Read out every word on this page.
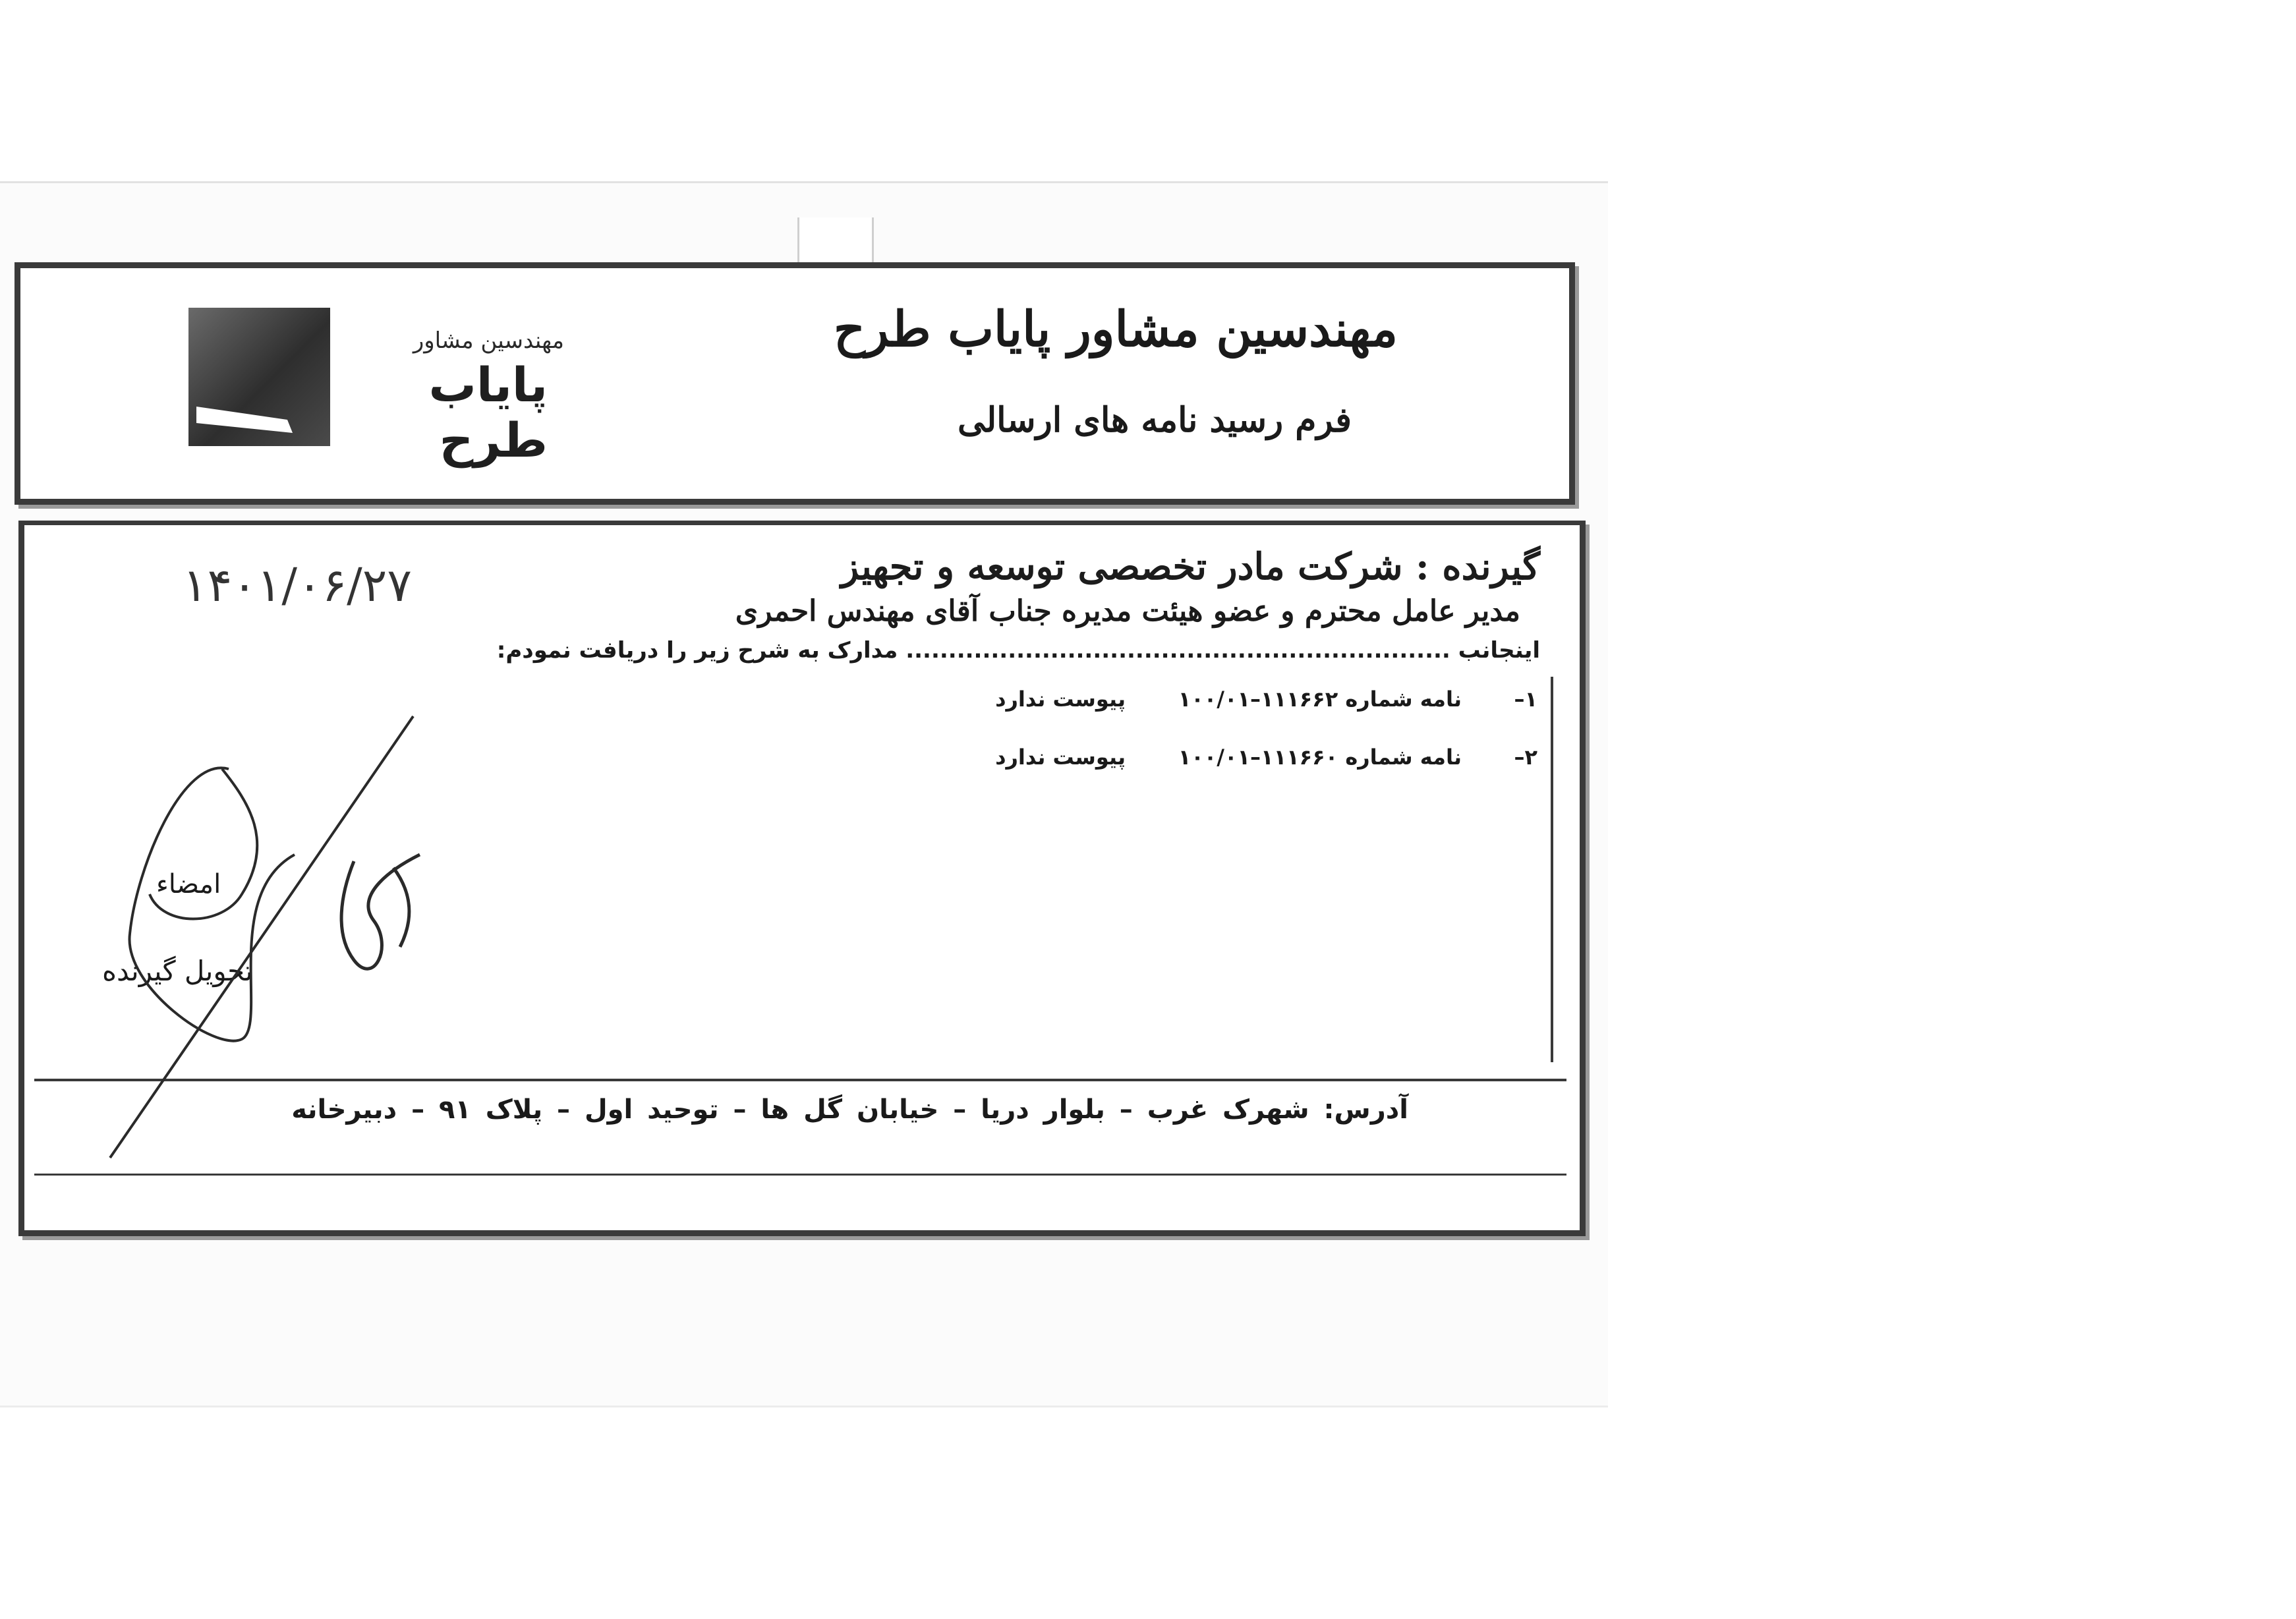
مهندسین مشاور
پایاب طرح
مهندسین مشاور پایاب طرح
فرم رسید نامه های ارسالی
۱۴۰۱/۰۶/۲۷	گیرنده : شرکت مادر تخصصی توسعه و تجهیز
مدیر عامل محترم و عضو هیئت مدیره جناب آقای مهندس احمری
اینجانب ................................................................ مدارک به شرح زیر را دریافت نمودم:
۱–
نامه شماره ۱۱۱۶۶۲–۱۰۰/۰۱
پیوست ندارد
۲–
نامه شماره ۱۱۱۶۶۰–۱۰۰/۰۱
پیوست ندارد
آدرس: شهرک غرب – بلوار دریا – خیابان گل ها – توحید اول – پلاک ۹۱ – دبیرخانه
امضاء
تحویل گیرنده
